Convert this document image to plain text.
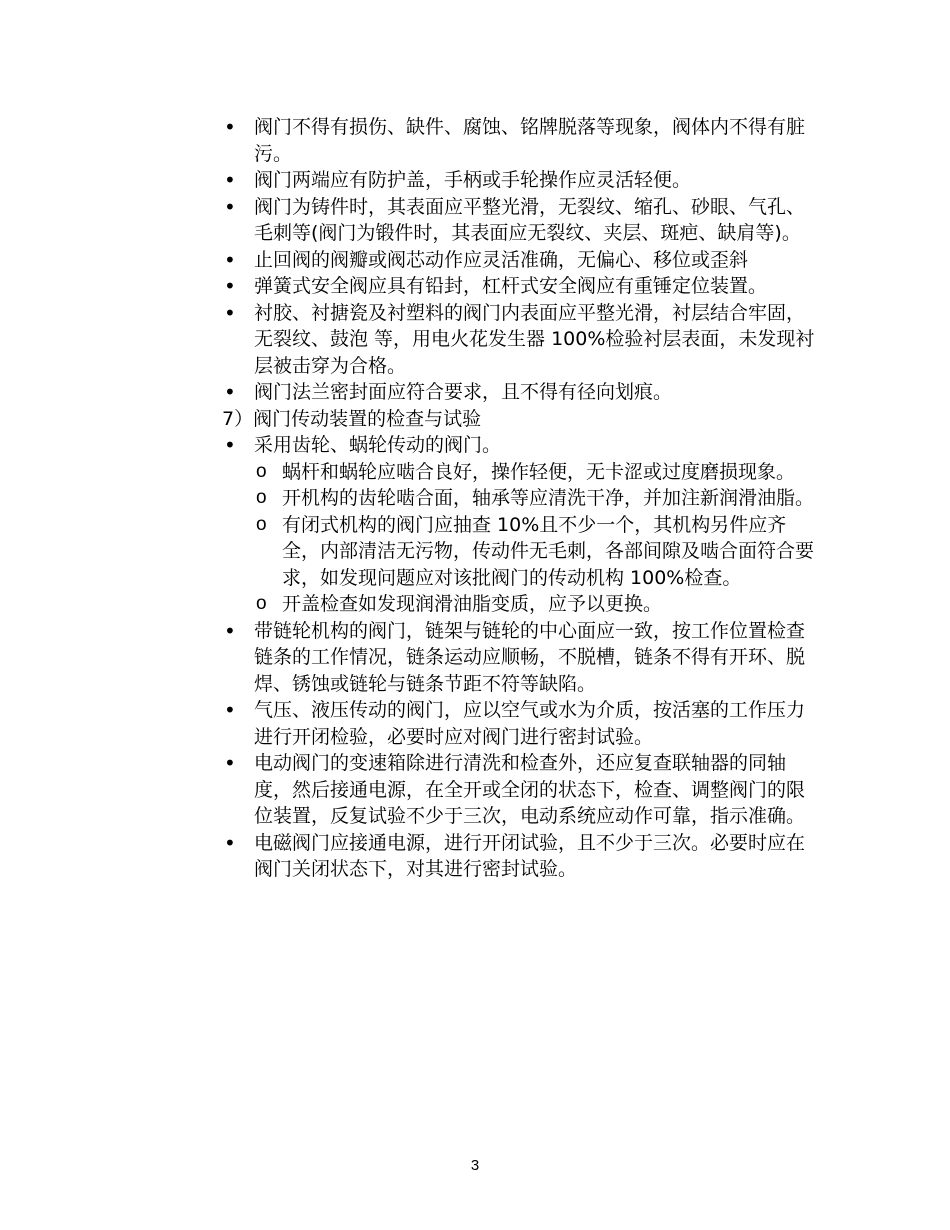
• 阀门不得有损伤、缺件、腐蚀、铭牌脱落等现象，阀体内不得有脏污。
• 阀门两端应有防护盖，手柄或手轮操作应灵活轻便。
• 阀门为铸件时，其表面应平整光滑，无裂纹、缩孔、砂眼、气孔、毛刺等(阀门为锻件时，其表面应无裂纹、夹层、斑疤、缺肩等)。
• 止回阀的阀瓣或阀芯动作应灵活准确，无偏心、移位或歪斜
• 弹簧式安全阀应具有铅封，杠杆式安全阀应有重锤定位装置。
• 衬胶、衬搪瓷及衬塑料的阀门内表面应平整光滑，衬层结合牢固，无裂纹、鼓泡 等，用电火花发生器 100%检验衬层表面，未发现衬层被击穿为合格。
• 阀门法兰密封面应符合要求，且不得有径向划痕。
7）阀门传动装置的检查与试验
• 采用齿轮、蜗轮传动的阀门。
o 蜗杆和蜗轮应啮合良好，操作轻便，无卡涩或过度磨损现象。
o 开机构的齿轮啮合面，轴承等应清洗干净，并加注新润滑油脂。
o 有闭式机构的阀门应抽查 10%且不少一个，其机构另件应齐全，内部清洁无污物，传动件无毛刺，各部间隙及啮合面符合要求，如发现问题应对该批阀门的传动机构 100%检查。
o 开盖检查如发现润滑油脂变质，应予以更换。
• 带链轮机构的阀门，链架与链轮的中心面应一致，按工作位置检查链条的工作情况，链条运动应顺畅，不脱槽，链条不得有开环、脱焊、锈蚀或链轮与链条节距不符等缺陷。
• 气压、液压传动的阀门，应以空气或水为介质，按活塞的工作压力进行开闭检验，必要时应对阀门进行密封试验。
• 电动阀门的变速箱除进行清洗和检查外，还应复查联轴器的同轴度，然后接通电源，在全开或全闭的状态下，检查、调整阀门的限位装置，反复试验不少于三次，电动系统应动作可靠，指示准确。
• 电磁阀门应接通电源，进行开闭试验，且不少于三次。必要时应在阀门关闭状态下，对其进行密封试验。
3
